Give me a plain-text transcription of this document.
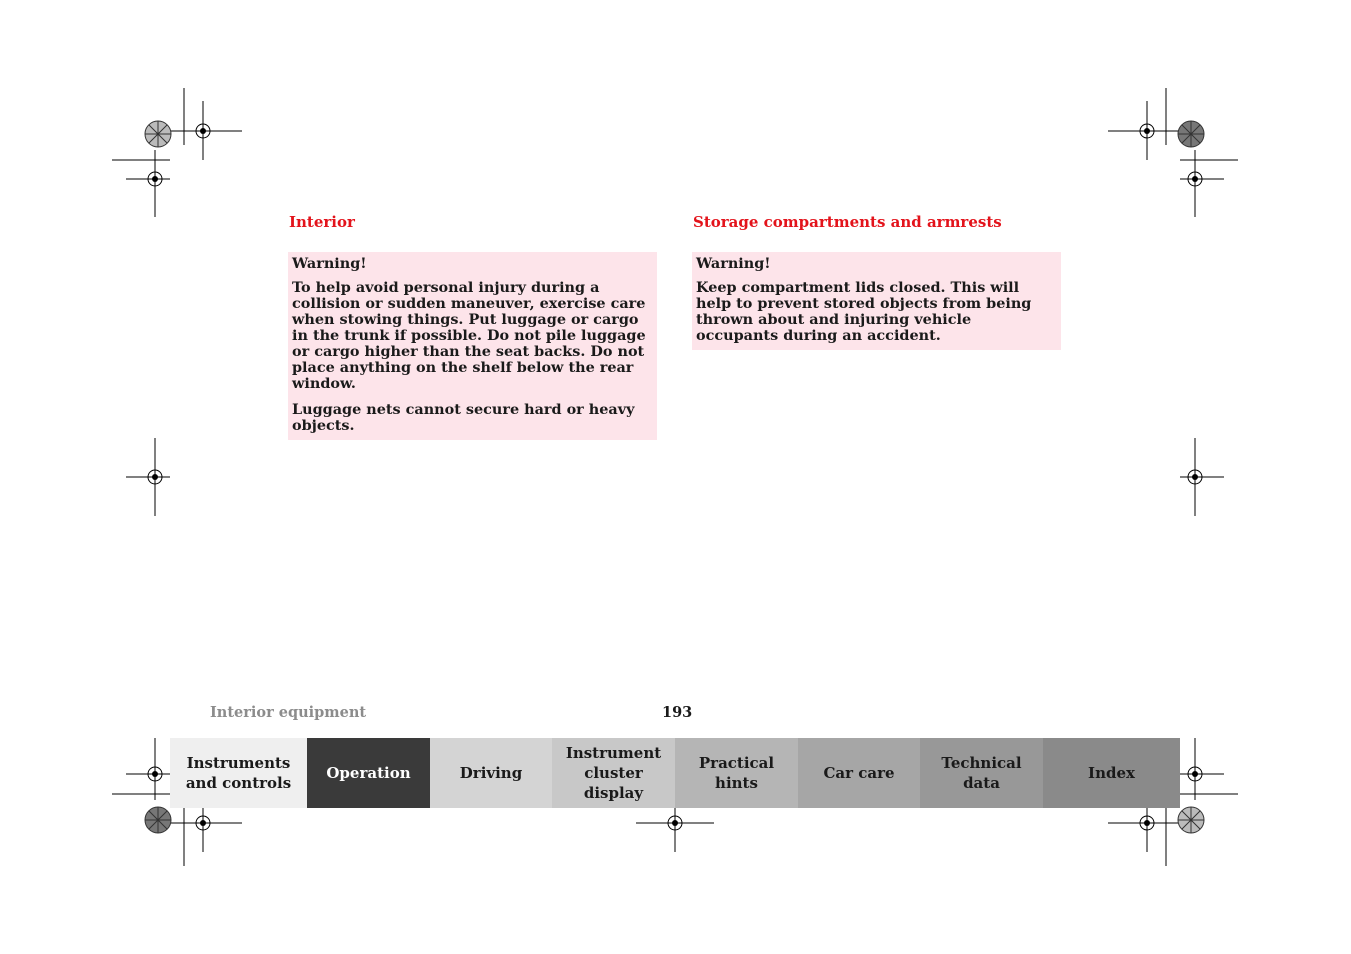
Interior

Warning!

To help avoid personal injury during a collision or sudden maneuver, exercise care when stowing things. Put luggage or cargo in the trunk if possible. Do not pile luggage or cargo higher than the seat backs. Do not place anything on the shelf below the rear window.

Luggage nets cannot secure hard or heavy objects.

Storage compartments and armrests

Warning!

Keep compartment lids closed. This will help to prevent stored objects from being thrown about and injuring vehicle occupants during an accident.

Interior equipment	193
Instruments
and controls
Operation	Driving
Instrument
cluster display
Practical hints
Car care
Technical
data
Index
